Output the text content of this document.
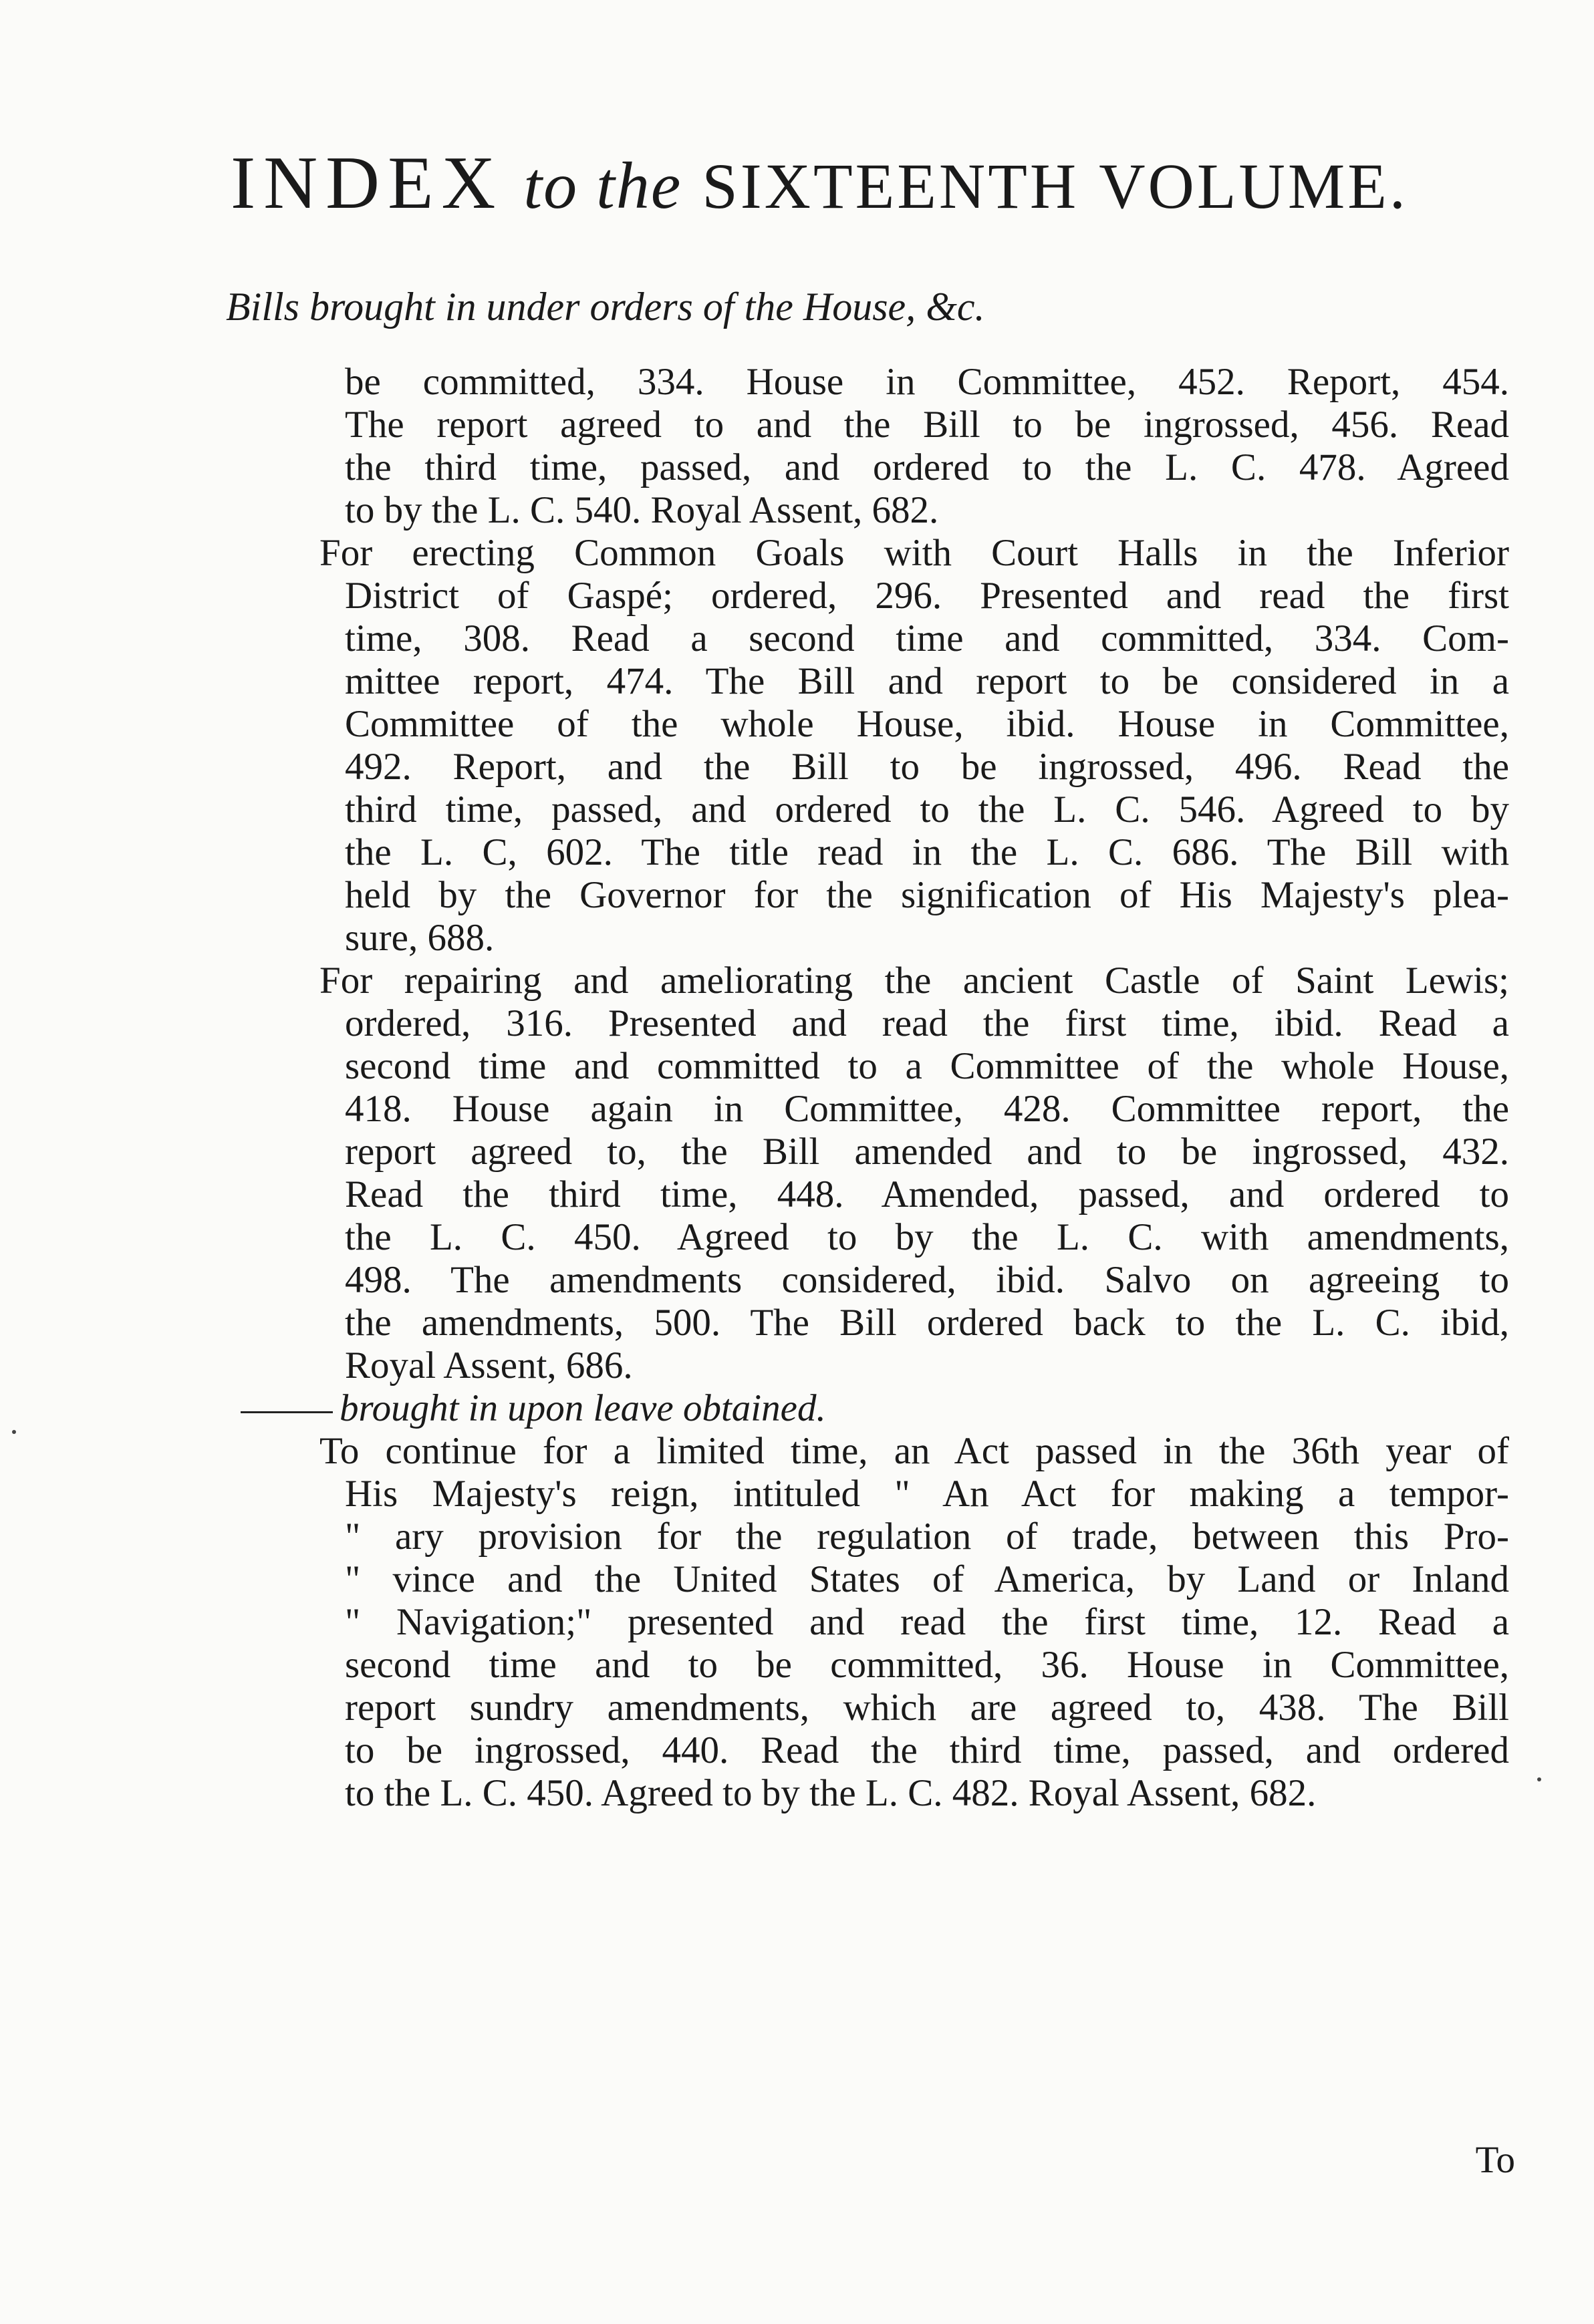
INDEX to the SIXTEENTH VOLUME.
Bills brought in under orders of the House, &c.
be committed, 334. House in Committee, 452. Report, 454.
The report agreed to and the Bill to be ingrossed, 456. Read
the third time, passed, and ordered to the L. C. 478. Agreed
to by the L. C. 540. Royal Assent, 682.
For erecting Common Goals with Court Halls in the Inferior
District of Gaspé; ordered, 296. Presented and read the first
time, 308. Read a second time and committed, 334. Com-
mittee report, 474. The Bill and report to be considered in a
Committee of the whole House, ibid. House in Committee,
492. Report, and the Bill to be ingrossed, 496. Read the
third time, passed, and ordered to the L. C. 546. Agreed to by
the L. C, 602. The title read in the L. C. 686. The Bill with
held by the Governor for the signification of His Majesty's plea-
sure, 688.
For repairing and ameliorating the ancient Castle of Saint Lewis;
ordered, 316. Presented and read the first time, ibid. Read a
second time and committed to a Committee of the whole House,
418. House again in Committee, 428. Committee report, the
report agreed to, the Bill amended and to be ingrossed, 432.
Read the third time, 448. Amended, passed, and ordered to
the L. C. 450. Agreed to by the L. C. with amendments,
498. The amendments considered, ibid. Salvo on agreeing to
the amendments, 500. The Bill ordered back to the L. C. ibid,
Royal Assent, 686.
brought in upon leave obtained.
To continue for a limited time, an Act passed in the 36th year of
His Majesty's reign, intituled " An Act for making a tempor-
" ary provision for the regulation of trade, between this Pro-
" vince and the United States of America, by Land or Inland
" Navigation;" presented and read the first time, 12. Read a
second time and to be committed, 36. House in Committee,
report sundry amendments, which are agreed to, 438. The Bill
to be ingrossed, 440. Read the third time, passed, and ordered
to the L. C. 450. Agreed to by the L. C. 482. Royal Assent, 682.
To
